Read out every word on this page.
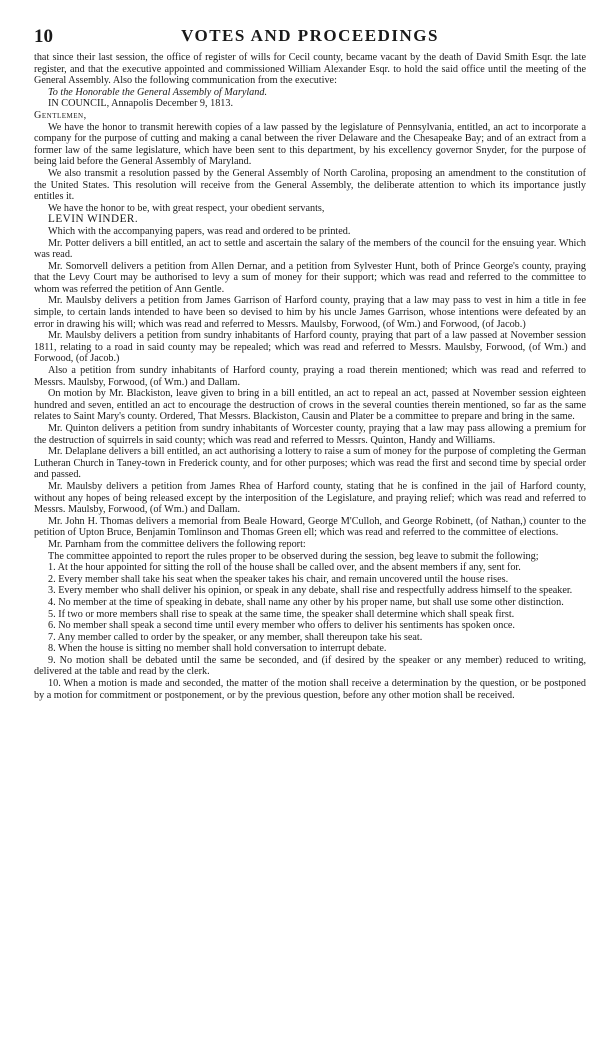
10	VOTES AND PROCEEDINGS

that since their last session, the office of register of wills for Cecil county, became vacant by the death of David Smith Esqr. the late register, and that the executive appointed and commissioned William Alexander Esqr. to hold the said office until the meeting of the General Assembly. Also the following communication from the executive:

To the Honorable the General Assembly of Maryland.

IN COUNCIL, Annapolis December 9, 1813.

Gentlemen,

We have the honor to transmit herewith copies of a law passed by the legislature of Pennsylvania, entitled, an act to incorporate a company for the purpose of cutting and making a canal between the river Delaware and the Chesapeake Bay; and of an extract from a former law of the same legislature, which have been sent to this department, by his excellency governor Snyder, for the purpose of being laid before the General Assembly of Maryland.

We also transmit a resolution passed by the General Assembly of North Carolina, proposing an amendment to the constitution of the United States. This resolution will receive from the General Assembly, the deliberate attention to which its importance justly entitles it.

We have the honor to be, with great respect, your obedient servants,

LEVIN WINDER.

Which with the accompanying papers, was read and ordered to be printed.

Mr. Potter delivers a bill entitled, an act to settle and ascertain the salary of the members of the council for the ensuing year. Which was read.

Mr. Somorvell delivers a petition from Allen Dernar, and a petition from Sylvester Hunt, both of Prince George's county, praying that the Levy Court may be authorised to levy a sum of money for their support; which was read and referred to the committee to whom was referred the petition of Ann Gentle.

Mr. Maulsby delivers a petition from James Garrison of Harford county, praying that a law may pass to vest in him a title in fee simple, to certain lands intended to have been so devised to him by his uncle James Garrison, whose intentions were defeated by an error in drawing his will; which was read and referred to Messrs. Maulsby, Forwood, (of Wm.) and Forwood, (of Jacob.)

Mr. Maulsby delivers a petition from sundry inhabitants of Harford county, praying that part of a law passed at November session 1811, relating to a road in said county may be repealed; which was read and referred to Messrs. Maulsby, Forwood, (of Wm.) and Forwood, (of Jacob.)

Also a petition from sundry inhabitants of Harford county, praying a road therein mentioned; which was read and referred to Messrs. Maulsby, Forwood, (of Wm.) and Dallam.

On motion by Mr. Blackiston, leave given to bring in a bill entitled, an act to repeal an act, passed at November session eighteen hundred and seven, entitled an act to encourage the destruction of crows in the several counties therein mentioned, so far as the same relates to Saint Mary's county. Ordered, That Messrs. Blackiston, Causin and Plater be a committee to prepare and bring in the same.

Mr. Quinton delivers a petition from sundry inhabitants of Worcester county, praying that a law may pass allowing a premium for the destruction of squirrels in said county; which was read and referred to Messrs. Quinton, Handy and Williams.

Mr. Delaplane delivers a bill entitled, an act authorising a lottery to raise a sum of money for the purpose of completing the German Lutheran Church in Taney-town in Frederick county, and for other purposes; which was read the first and second time by special order and passed.

Mr. Maulsby delivers a petition from James Rhea of Harford county, stating that he is confined in the jail of Harford county, without any hopes of being released except by the interposition of the Legislature, and praying relief; which was read and referred to Messrs. Maulsby, Forwood, (of Wm.) and Dallam.

Mr. John H. Thomas delivers a memorial from Beale Howard, George M'Culloh, and George Robinett, (of Nathan,) counter to the petition of Upton Bruce, Benjamin Tomlinson and Thomas Green ell; which was read and referred to the committee of elections.

Mr. Parnham from the committee delivers the following report:

The committee appointed to report the rules proper to be observed during the session, beg leave to submit the following;

1. At the hour appointed for sitting the roll of the house shall be called over, and the absent members if any, sent for.

2. Every member shall take his seat when the speaker takes his chair, and remain uncovered until the house rises.

3. Every member who shall deliver his opinion, or speak in any debate, shall rise and respectfully address himself to the speaker.

4. No member at the time of speaking in debate, shall name any other by his proper name, but shall use some other distinction.

5. If two or more members shall rise to speak at the same time, the speaker shall determine which shall speak first.

6. No member shall speak a second time until every member who offers to deliver his sentiments has spoken once.

7. Any member called to order by the speaker, or any member, shall thereupon take his seat.

8. When the house is sitting no member shall hold conversation to interrupt debate.

9. No motion shall be debated until the same be seconded, and (if desired by the speaker or any member) reduced to writing, delivered at the table and read by the clerk.

10. When a motion is made and seconded, the matter of the motion shall receive a determination by the question, or be postponed by a motion for commitment or postponement, or by the previous question, before any other motion shall be received.
